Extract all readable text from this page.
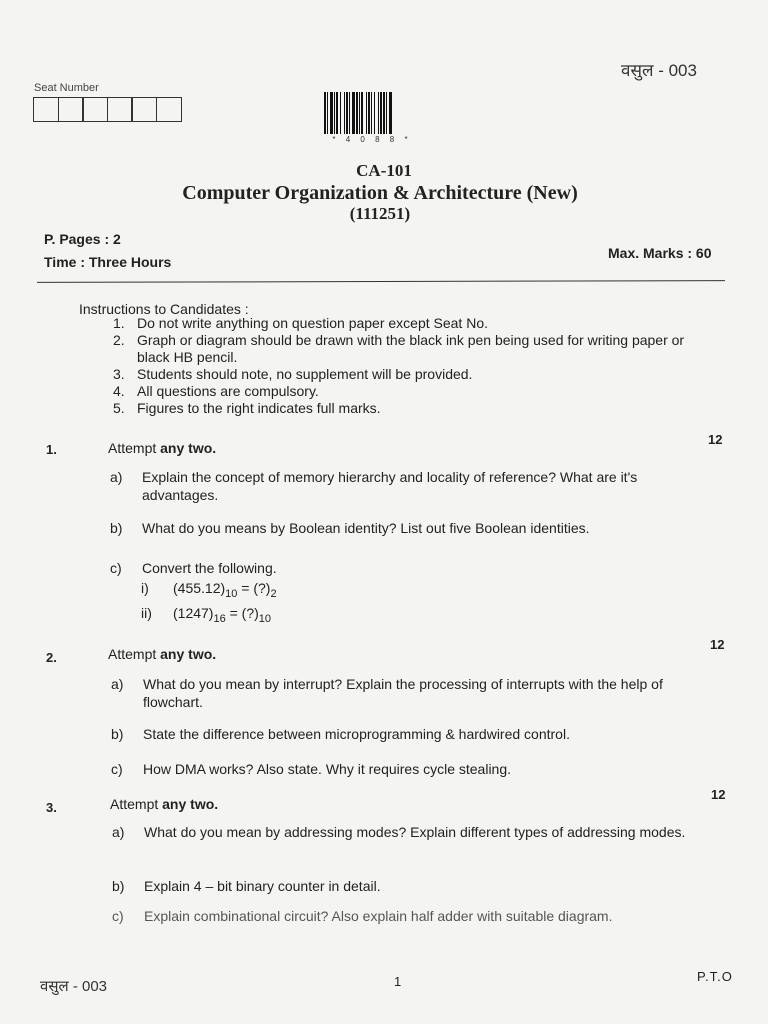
वसुल - 003
Seat Number
* 4 0 8 8 *
CA-101
Computer Organization & Architecture (New)
(111251)
P. Pages : 2
Time : Three Hours
Max. Marks : 60
Instructions to Candidates :
1. Do not write anything on question paper except Seat No.
2. Graph or diagram should be drawn with the black ink pen being used for writing paper or black HB pencil.
3. Students should note, no supplement will be provided.
4. All questions are compulsory.
5. Figures to the right indicates full marks.
1.	Attempt any two.
12
a)	Explain the concept of memory hierarchy and locality of reference? What are it's advantages.
b)	What do you means by Boolean identity? List out five Boolean identities.
c)	Convert the following.
i) $(455.12)_{10}$ = $(?)_2$
ii) $(1247)_{16}$ = $(?)_{10}$
2.	Attempt any two.
12
a)	What do you mean by interrupt? Explain the processing of interrupts with the help of flowchart.
b)	State the difference between microprogramming & hardwired control.
c)	How DMA works? Also state. Why it requires cycle stealing.
3.	Attempt any two.
12
a)	What do you mean by addressing modes? Explain different types of addressing modes.
b)	Explain 4 – bit binary counter in detail.
c)	Explain combinational circuit? Also explain half adder with suitable diagram.
वसुल - 003	1	P.T.O
